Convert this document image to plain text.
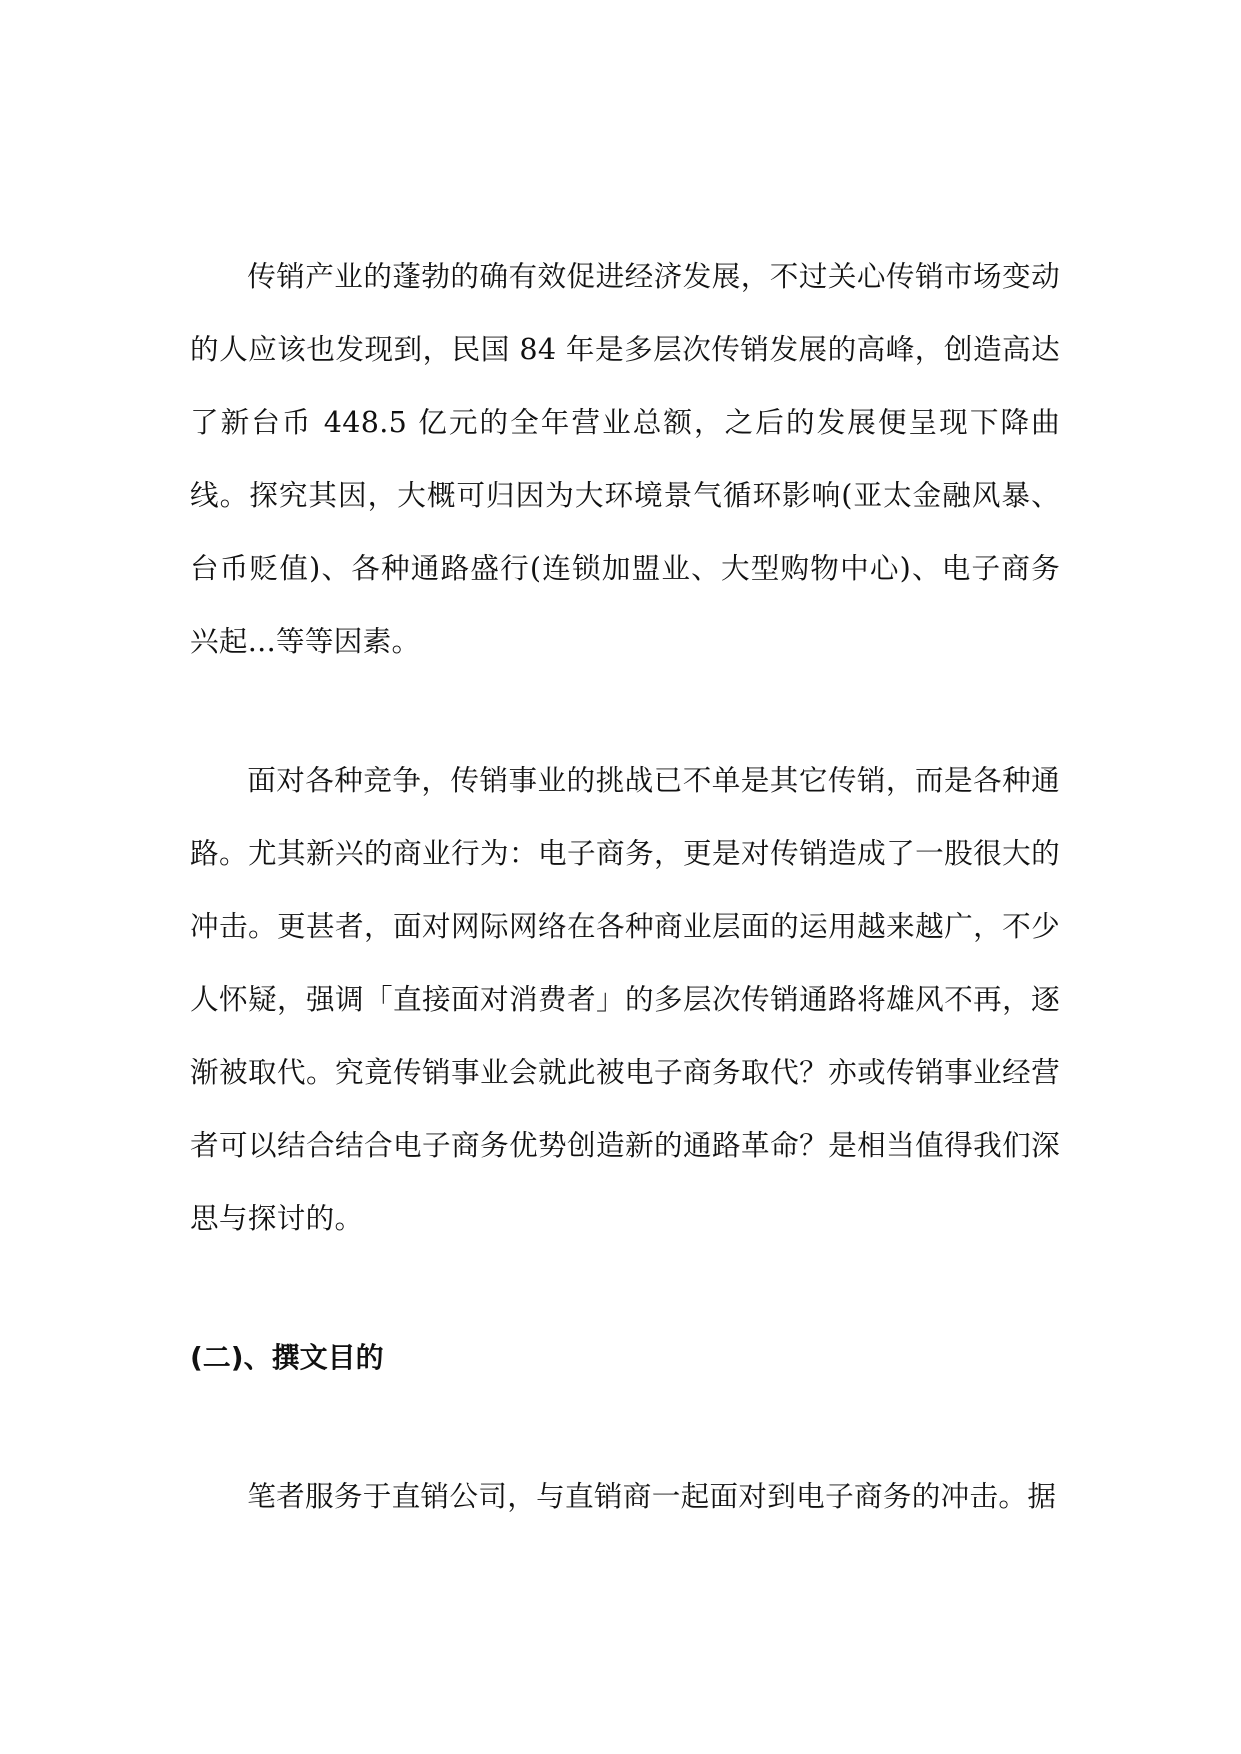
传销产业的蓬勃的确有效促进经济发展，不过关心传销市场变动的人应该也发现到，民国 84 年是多层次传销发展的高峰，创造高达了新台币 448.5 亿元的全年营业总额，之后的发展便呈现下降曲线。探究其因，大概可归因为大环境景气循环影响(亚太金融风暴、台币贬值)、各种通路盛行(连锁加盟业、大型购物中心)、电子商务兴起...等等因素。

面对各种竞争，传销事业的挑战已不单是其它传销，而是各种通路。尤其新兴的商业行为：电子商务，更是对传销造成了一股很大的冲击。更甚者，面对网际网络在各种商业层面的运用越来越广，不少人怀疑，强调「直接面对消费者」的多层次传销通路将雄风不再，逐渐被取代。究竟传销事业会就此被电子商务取代？亦或传销事业经营者可以结合结合电子商务优势创造新的通路革命？是相当值得我们深思与探讨的。

(二)、撰文目的

笔者服务于直销公司，与直销商一起面对到电子商务的冲击。据
